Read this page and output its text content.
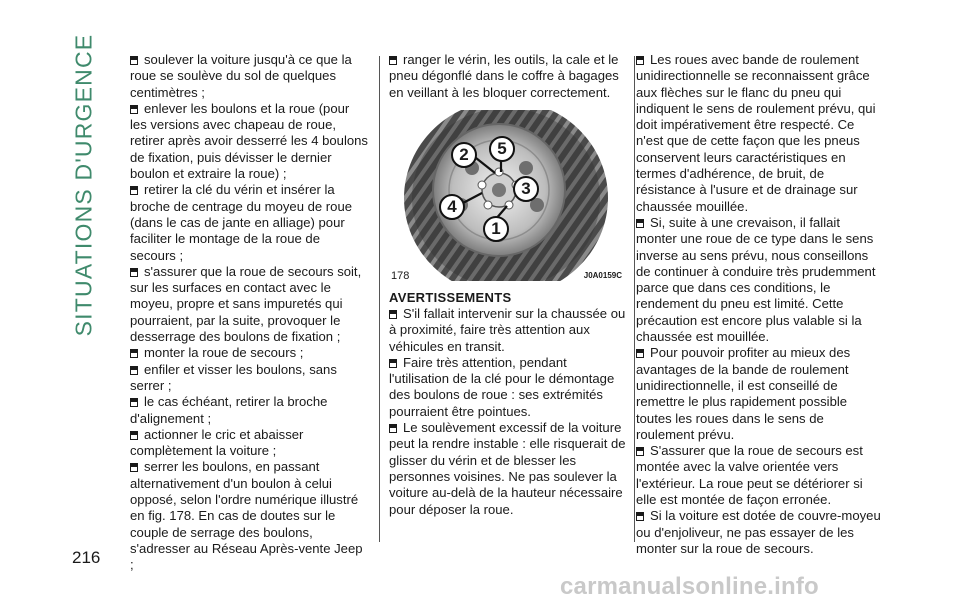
SITUATIONS D'URGENCE	soulever la voiture jusqu'à ce que la roue se soulève du sol de quelques centimètres ;

enlever les boulons et la roue (pour les versions avec chapeau de roue, retirer après avoir desserré les 4 boulons de fixation, puis dévisser le dernier boulon et extraire la roue) ;

retirer la clé du vérin et insérer la broche de centrage du moyeu de roue (dans le cas de jante en alliage) pour faciliter le montage de la roue de secours ;

s'assurer que la roue de secours soit, sur les surfaces en contact avec le moyeu, propre et sans impuretés qui pourraient, par la suite, provoquer le desserrage des boulons de fixation ;

monter la roue de secours ;

enfiler et visser les boulons, sans serrer ;

le cas échéant, retirer la broche d'alignement ;

actionner le cric et abaisser complètement la voiture ;

serrer les boulons, en passant alternativement d'un boulon à celui opposé, selon l'ordre numérique illustré en fig. 178. En cas de doutes sur le couple de serrage des boulons, s'adresser au Réseau Après-vente Jeep ;

ranger le vérin, les outils, la cale et le pneu dégonflé dans le coffre à bagages en veillant à les bloquer correctement.

2	5
3
4
1
178	J0A0159C
AVERTISSEMENTS

S'il fallait intervenir sur la chaussée ou à proximité, faire très attention aux véhicules en transit.

Faire très attention, pendant l'utilisation de la clé pour le démontage des boulons de roue : ses extrémités pourraient être pointues.

Le soulèvement excessif de la voiture peut la rendre instable : elle risquerait de glisser du vérin et de blesser les personnes voisines. Ne pas soulever la voiture au-delà de la hauteur nécessaire pour déposer la roue.

Les roues avec bande de roulement unidirectionnelle se reconnaissent grâce aux flèches sur le flanc du pneu qui indiquent le sens de roulement prévu, qui doit impérativement être respecté. Ce n'est que de cette façon que les pneus conservent leurs caractéristiques en termes d'adhérence, de bruit, de résistance à l'usure et de drainage sur chaussée mouillée.

Si, suite à une crevaison, il fallait monter une roue de ce type dans le sens inverse au sens prévu, nous conseillons de continuer à conduire très prudemment parce que dans ces conditions, le rendement du pneu est limité. Cette précaution est encore plus valable si la chaussée est mouillée.

Pour pouvoir profiter au mieux des avantages de la bande de roulement unidirectionnelle, il est conseillé de remettre le plus rapidement possible toutes les roues dans le sens de roulement prévu.

S'assurer que la roue de secours est montée avec la valve orientée vers l'extérieur. La roue peut se détériorer si elle est montée de façon erronée.

Si la voiture est dotée de couvre-moyeu ou d'enjoliveur, ne pas essayer de les monter sur la roue de secours.

216
carmanualsonline.info
